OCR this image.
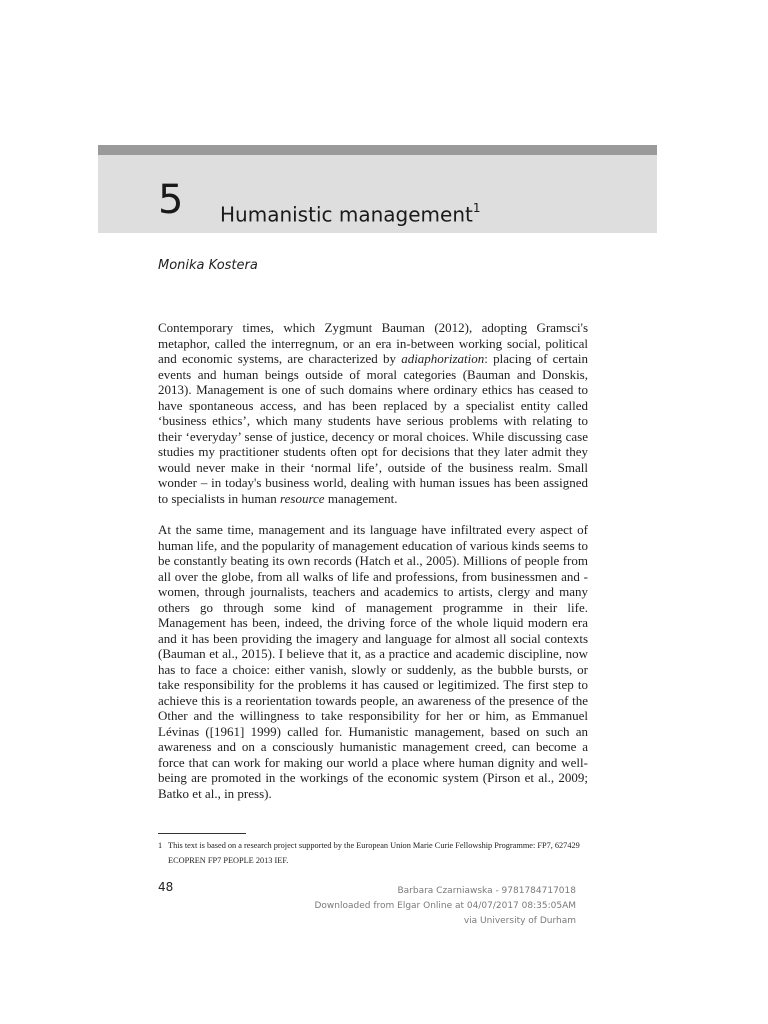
5 Humanistic management$^1$
Monika Kostera

Contemporary times, which Zygmunt Bauman (2012), adopting Gramsci's metaphor, called the interregnum, or an era in-between working social, political and economic systems, are characterized by adiaphorization: placing of certain events and human beings outside of moral categories (Bauman and Donskis, 2013). Management is one of such domains where ordinary ethics has ceased to have spontaneous access, and has been replaced by a specialist entity called ‘business ethics’, which many students have serious problems with relating to their ‘everyday’ sense of justice, decency or moral choices. While discussing case studies my practitioner students often opt for decisions that they later admit they would never make in their ‘normal life’, outside of the business realm. Small wonder – in today's business world, dealing with human issues has been assigned to specialists in human resource management.

At the same time, management and its language have infiltrated every aspect of human life, and the popularity of management education of various kinds seems to be constantly beating its own records (Hatch et al., 2005). Millions of people from all over the globe, from all walks of life and professions, from businessmen and -women, through journalists, teachers and academics to artists, clergy and many others go through some kind of management programme in their life. Management has been, indeed, the driving force of the whole liquid modern era and it has been providing the imagery and language for almost all social contexts (Bauman et al., 2015). I believe that it, as a practice and academic discipline, now has to face a choice: either vanish, slowly or suddenly, as the bubble bursts, or take responsibility for the problems it has caused or legitimized. The first step to achieve this is a reorientation towards people, an awareness of the presence of the Other and the willingness to take responsibility for her or him, as Emmanuel Lévinas ([1961] 1999) called for. Humanistic management, based on such an awareness and on a consciously humanistic management creed, can become a force that can work for making our world a place where human dignity and well-being are promoted in the workings of the economic system (Pirson et al., 2009; Batko et al., in press).

1 This text is based on a research project supported by the European Union Marie Curie Fellowship Programme: FP7, 627429 ECOPREN FP7 PEOPLE 2013 IEF.
48	Barbara Czarniawska - 9781784717018
Downloaded from Elgar Online at 04/07/2017 08:35:05AM
via University of Durham
